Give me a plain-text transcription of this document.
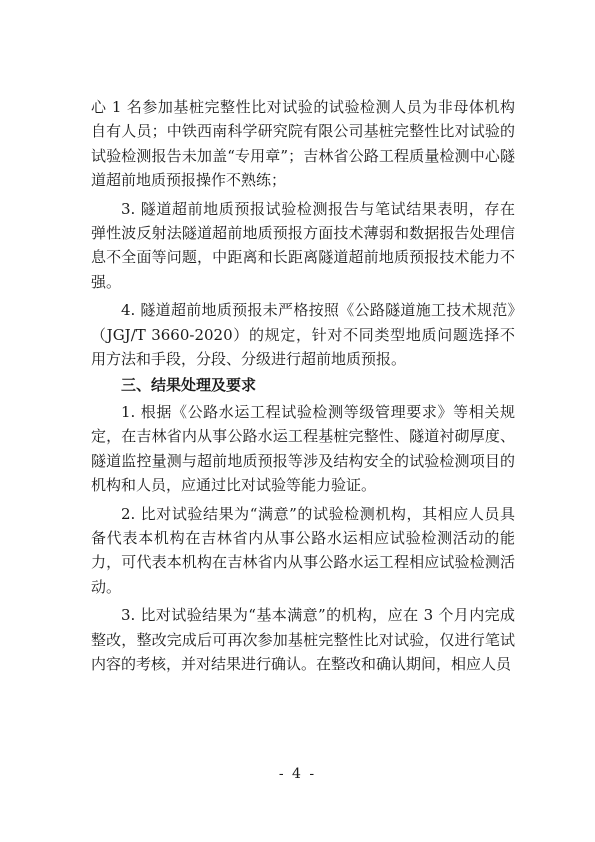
心 1 名参加基桩完整性比对试验的试验检测人员为非母体机构自有人员；中铁西南科学研究院有限公司基桩完整性比对试验的试验检测报告未加盖“专用章”；吉林省公路工程质量检测中心隧道超前地质预报操作不熟练；

3. 隧道超前地质预报试验检测报告与笔试结果表明，存在弹性波反射法隧道超前地质预报方面技术薄弱和数据报告处理信息不全面等问题，中距离和长距离隧道超前地质预报技术能力不强。

4. 隧道超前地质预报未严格按照《公路隧道施工技术规范》（JGJ/T 3660-2020）的规定，针对不同类型地质问题选择不用方法和手段，分段、分级进行超前地质预报。

三、结果处理及要求

1. 根据《公路水运工程试验检测等级管理要求》等相关规定，在吉林省内从事公路水运工程基桩完整性、隧道衬砌厚度、隧道监控量测与超前地质预报等涉及结构安全的试验检测项目的机构和人员，应通过比对试验等能力验证。

2. 比对试验结果为“满意”的试验检测机构，其相应人员具备代表本机构在吉林省内从事公路水运相应试验检测活动的能力，可代表本机构在吉林省内从事公路水运工程相应试验检测活动。

3. 比对试验结果为“基本满意”的机构，应在 3 个月内完成整改，整改完成后可再次参加基桩完整性比对试验，仅进行笔试内容的考核，并对结果进行确认。在整改和确认期间，相应人员

- 4 -
